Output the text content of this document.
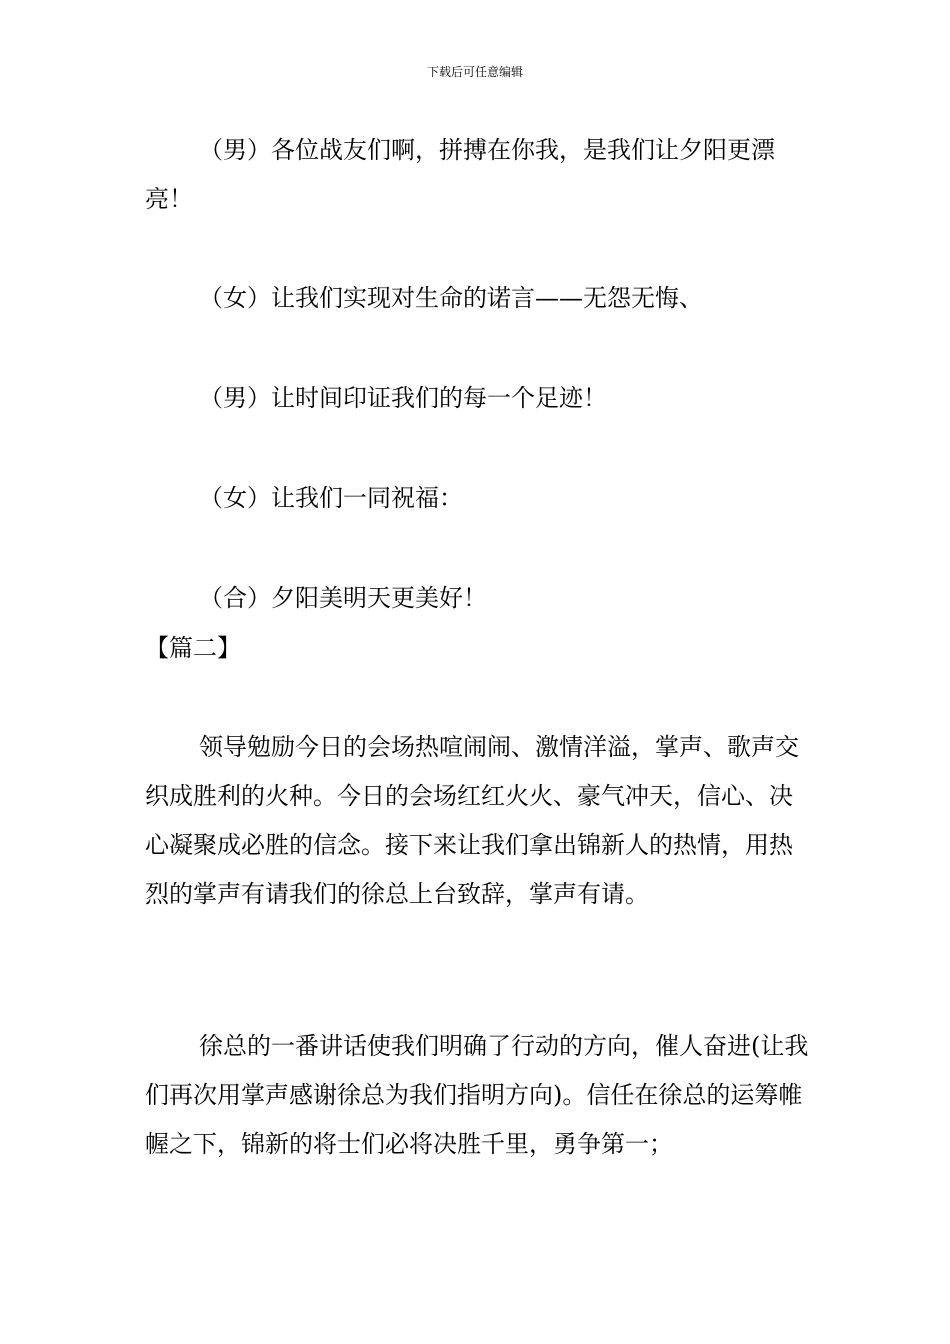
下载后可任意编辑

（男）各位战友们啊，拼搏在你我，是我们让夕阳更漂亮！

（女）让我们实现对生命的诺言——无怨无悔、

（男）让时间印证我们的每一个足迹！

（女）让我们一同祝福：

（合）夕阳美明天更美好！

【篇二】

领导勉励今日的会场热喧闹闹、激情洋溢，掌声、歌声交织成胜利的火种。今日的会场红红火火、豪气冲天，信心、决心凝聚成必胜的信念。接下来让我们拿出锦新人的热情，用热烈的掌声有请我们的徐总上台致辞，掌声有请。

徐总的一番讲话使我们明确了行动的方向，催人奋进(让我们再次用掌声感谢徐总为我们指明方向)。信任在徐总的运筹帷幄之下，锦新的将士们必将决胜千里，勇争第一；
